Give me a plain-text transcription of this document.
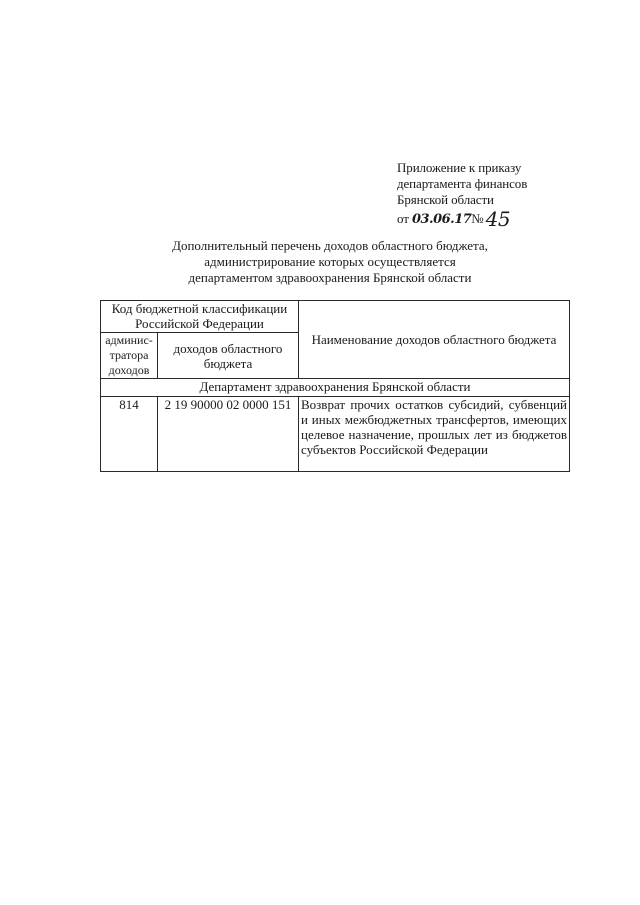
Приложение к приказу
департамента финансов
Брянской области
от 03.06.17№ 45
Дополнительный перечень доходов областного бюджета,
администрирование которых осуществляется
департаментом здравоохранения Брянской области
Код бюджетной классификации Российской Федерации		Наименование доходов областного бюджета

админис-
тратора
доходов	доходов областного бюджета	
Департамент здравоохранения Брянской области		
814	2 19 90000 02 0000 151	Возврат прочих остатков субсидий, субвенций и иных межбюджетных трансфертов, имеющих целевое назначение, прошлых лет из бюджетов субъектов Российской Федерации
